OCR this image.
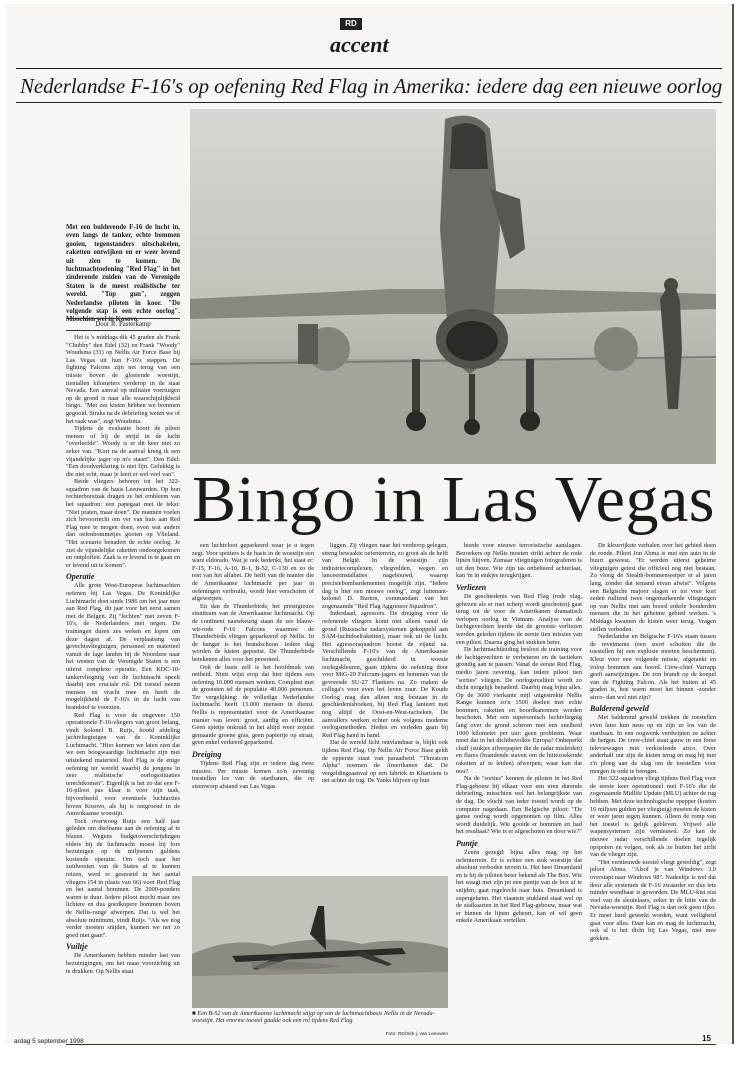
RD
accent
Nederlandse F-16's op oefening Red Flag in Amerika: iedere dag een nieuwe oorlog
Bingo in Las Vegas
Met een bulderende F-16 de lucht in, even langs de tanker, echte bommen gooien, tegenstanders uitschakelen, raketten ontwijken en er weer levend uit zien te komen. De luchtmachtoefening "Red Flag" in het zinderende zuiden van de Verenigde Staten is de meest realistische ter wereld. "Top gun", zeggen Nederlandse piloten in koor. "De volgende stap is een echte oorlog". Misschien wel in Kosovo.
Door R. Pasterkamp

Het is 's middags dik 45 graden als Frank "Chubby" den Edel (32) en Frank "Woody" Woudsma (31) op Nellis Air Force Base bij Las Vegas uit hun F-16's stappen. De fighting Falcons zijn net terug van een missie boven de gloeiende woestijn, tientallen kilometers verderop in de staat Nevada. Een aanval op militaire voertuigen op de grond is naar alle waarschijnlijkheid bingo. "Met zes kisten hebben we bommen gegooid. Straks na de debriefing weten we of het raak was", zegt Woudsma.

Tijdens de evaluatie hoort de piloot meteen of hij de strijd in de lucht "overleefde". Woody is er dit keer niet zo zeker van. "Kort na de aanval kreeg ik een vijandelijke jager op m's staart". Den Edel: "Een doodverklaring is niet fijn. Gelukkig is die niet echt, maar je leert er wel veel van".

Beide vliegers behoren tot het 322-squadron van de basis Leeuwarden. Op hun rechterborstzak dragen ze het embleem van het squadron: een papegaai met de tekst: "Niet praten, maar doen". De mannen voelen zich bevoorrecht om ver van huis aan Red Flag mee te mogen doen, even wat anders dan oefenbommetjes gooien op Vlieland. "Het scenario benadert de echte oorlog. Je ziet de vijandelijke raketten ondoorgekomen en ontploffen. Zaak is er levend in te gaan en er levend uit te komen".

Operatie

Alle grote West-Europese luchtmachten oefenen bij Las Vegas. De Koninklijke Luchtmacht doet sinds 1986 om het jaar mee aan Red Flag, dit jaar voor het eerst samen met de Belgen. Zij "lechten" met zeven F-16's, de Nederlanders met negen. De trainingen duren zes weken en lopen om deze dagen af. De verplaatsing van gevechtsvliegtuigen, personeel en materieel vanuit de lage landen bij de Noordzee naar het westen van de Verenigde Staten is een uiterst complexe operatie. Een KDC-10-tankervliegtuig van de luchtmacht speelt daarbij een cruciale rol. Dit toestel neemt mensen en vracht mee en heeft de mogelijkheid de F-16's in de lucht van brandstof te voorzien.

Red Flag is voor de ongeveer 150 operationele F-16-vliegers van groot belang, vindt kolonel B. Ruijs, hoofd afdeling jachtvliegtuigen van de Koninklijke Luchtmacht. "Hier kunnen we laten zien dat we een hoogwaardige luchtmacht zijn met uitstekend materieel. Red Flag is de enige oefening ter wereld waarbij de jongens in zeer realistische oorlogssituaties terechtkomen". Eigenlijk is het zo dat een F-16-piloot pas klaar is voor zijn taak, bijvoorbeeld voor eventuele luchtacties boven Kosovo, als hij is ontgroend in de Amerikaanse woestijn.

Toch overwoog Ruijs een half jaar geleden om deelname aan de oefening af te blazen. Wegens budgetoverschrijdingen elders bij de luchtmacht moest hij fors bezuinigen op de miljoenen guldens kostende operatie. Om toch naar het zuidwesten van de States af te kunnen reizen, werd er gesnoeid in het aantal vliegers (54 in plaats van 66) voor Red Flag en het aantal bommen. De 2000-ponders waren te duur. Iedere piloot mocht maar zes lichtere en dus goedkopere bommen boven de Nellis-range afwerpen. Dat is wel het absolute minimum, vindt Ruijs. "Als we nog verder moeten snijden, kunnen we net zo goed niet gaan".

Vuiltje

De Amerikanen hebben minder last van bezuinigingen, om het maar voorzichtig uit te drukken. Op Nellis staat

een luchtvloot geparkeerd waar je u tegen zegt. Voor spotters is de basis in de woestijn een ware eldorado. Wat je ook bedenkt, het staat er: F-15, F-16, A-10, B-1, B-52, C-130 en zo de rest van het alfabet. De helft van de manier die de Amerikaanse luchtmacht per jaar in oefeningen verbruikt, wordt hier verschoten of afgewerpen.

En dan de Thunderbirds, het prestigieuze stuntteam van de Amerikaanse luchtmacht. Op de continent nauwkeurig staan de zes blauw-wit-rode F-16 Falcons waarmee de Thunderbirds vliegen geparkeerd op Nellis. In de hangar is het brandschoon. Iedere dag worden de kisten gepoetst. De Thunderbirds betekenen alles voor het personeel.

Ook de basis zelf is het hoofdmuk van netheid. Niets wijst erop dat hier tijdens een oefening 10.000 mensen werken. Compleet met de grootsten tel de populatie 40.000 personen. Ter vergelijking: de volledige Nederlandse luchtmacht heeft 13.000 mensen in dienst. Nellis is representatief voor de Amerikaanse manier van leven: groot, aardig en efficiënt. Geen spietje onkruid in het altijd weer zojuist gemaaide groene gras, geen papiertje op straat, geen enkel verkeerd geparkeerd.

Dreiging

Tijdens Red Flag zijn er iedere dag twee missies. Per missie komen zo'n zeventig toestellen los van de startbanen, die op steenworp afstand van Las Vegas

liggen. Zij vliegen naar het verderop gelegen, streng bewaakte oefenterrein, zo groot als de helft van België. In de woestijn zijn industriecomplexen, vliegvelden, wegen en lanceerinstallaties nagebouwd, waarop precisiebombardementen mogelijk zijn. "Iedere dag is hier een nieuwe oorlog", zegt luitenant-kolonel D. Burton, commandant van het zogenaamde "Red Flag Aggressor Squadron".

Inderdaad, agressors. De dreiging voor de oefenende vliegers komt niet alleen vanaf de grond (Russische radarsystemen gekoppeld aan SAM-luchtdoelraketten), maar ook uit de lucht. Het agressorsquadron bootst de vijand na. Verschillende F-16's van de Amerikaanse luchtmacht, geschilderd in woeste oorlogskleuren, gaan tijdens de oefening door voor MiG-29 Fulcrum-jagers en bommen van de gevreesde SU-27 Flankers na. Zo maken de collega's voor even het leven zuur. De Koude Oorlog mag dan alleen nog bestaan in de geschiedenisboeken, bij Red Flag lanteert met nog altijd de Oost-en-West-tactieken. De aanvallers werken echter ook volgens moderne oorlogsmethoden. Heden en verleden gaan bij Red Flag hand in hand.

Dat de wereld licht ontvlambaar is, blijkt ook tijdens Red Flag. Op Nellis Air Force Base geldt de opperste staat van paraatheid. "Threatcon Alpha" noemen de Amerikanen dat. De vergeldingsaanval op een fabriek in Khartoem is net achter de rug. De Yanks blijven op hun

hoede voor nieuwe terroristische aanslagen. Bezoekers op Nellis moeten strikt achter de rode lijnen blijven. Zomaar vliegtuigen fotograferen is uit den boze. Wie zijn tas onbeheerd achterlaat, kan 'm in stukjes terugkrijgen.

Verliezen

De geschiedenis van Red Flag (rode vlag, gebezen als er met scherp wordt geschoten) gaat terug tot de voor de Amerikanen dramatisch verlopen oorlog in Vietnam. Analyse van de luchtgevechten leerde dat de grootste verliezen werden geleden tijdens de eerste tien missies van een piloot. Daarna ging het stukken beter.

De luchtmachtleiding besloot de training voor de luchtgevechten te verbeteren en de tactieken grondig aan te passen. Vanaf de eerste Red Flag, medio jaren zeventig, kan iedere piloot tien "sorties" vliegen. De oorlogsrealiteit wordt zo dicht mogelijk benaderd. Daarbij mag bijna alles. Op de 3600 vierkante mijl uitgestrekte Nellis Range kunnen zo'n 1500 doelen met echte bommen, raketten en boordkanonnen worden beschoten. Met een supersonisch luchtvliegnig lang over de grond scheren met een snelheid 1000 kilometer per uur: geen probleem. Waar moet dat in het dichtbevolkte Europa? Onbeperkt chaff (stukjes zilverpapier die de radar misleiden) en flares (brandende staven om de hittezoekende raketten af te leiden) afwerpen; waar kan dat nou?

Na de "sorties" kennen de piloten in het Red Flag-gebouw bij elkaar voor een uren durende debriefing, misschien wel het belangrijkste van de dag. De vlucht van ieder toestel wordt op de computer nagedaan. Een Belgische piloot: "De ganse oorlog wordt opgenomen op film. Alles wordt duidelijk. Wie gooide er bommen en had het resultaat? Wie is er afgeschoten en door wie?"

Puntje

Zeeën gezegd: bijna alles mag op het oefenterrein. Er is echter een stuk woestijn dat absoluut verboden terrein is. Het heet Dreamland en is bij de piloten beter bekend als The Box. Wie het waagt met zijn jet een puntje van de box af te snijden, gaat regelrecht naar huis. Dreamland is supergeheim. Het viaanste stukland staat wel op de stafkaarten in het Red Flag-gebouw, maar wat er binnen de lijnen gebeurt, kan of wil geen enkele Amerikaan vertellen.

De kleurrijkste verhalen over het gebied doen de ronde. Piloot Jon Abma is met een auto in de buurt geweest. "Er werden uiterst geheime vliegtuigen getest die officieel nog niet bestaan. Zo vloog de Stealth-bommenwerper er al jaren lang, zonder dat iemand ervan afwist". Volgens een Belgische majoor slagen er tot voor kort zeden ruiltend twee ongemarkeerde vliegtuigen op van Nellis met aan boord enkele honderden mensen die in het geheime gebied werken. 's Middags kwamen de kisten weer terug. Vragen stellen verboden.

Nederlandse en Belgische F-16's staan tussen de revetments (een soort schotten die de toestellen bij een explosie moeten beschermen). Kleur voor een volgende missie, afgetankt en volop bommen aan boord. Crew-chief Varrapp geeft aanwijzingen. De zon brandt op de koepel van de Fighting Falcon. Als het buiten al 45 graden is, hoe warm moet het binnen -zonder airco- dan wel niet zijn?

Balderend geweld

Met balderend geweld trekken de toestellen even later hun neus op en zijn ze los van de startbaan. In een oogwenk verdwijnen ze achter de bergen. De crew-chief staat gauw in een forse televiewagen met verkoelende airco. Over anderhalf uur zijn de kisten terug en mag hij met z'n ploeg aan de slag om de toestellen voor morgen in orde te brengen.

Het 322-squadron vliegt tijdens Red Flag voor de eerste keer operationeel met F-16's die de zogenaamde Midlife Update (MLU) achter de rug hebben. Met deze technologische opepper (kosten 16 miljoen gulden per vliegtuig) moeten de kisten er weer jaren tegen kunnen. Alleen de romp van het toestel is gelijk gebleven. Vrijwel alle wapensystemen zijn vernieuwd. Zo kan de nieuwe radar verschillende doelen tegelijk opsporen en volgen, ook als ze buiten het zicht van de vlieger zijn.

"Het vernieuwde toestel vliegt geweldig", zegt piloot Abma. "Alsof je van Windows 3.0 overstapt naar Windows 98". Nadeeltje is wel dat door alle systemen de F-16 zwaarder en dus iets minder wendbaar is geworden. De MLU-kist eist veel van de sleutelaars, zeker in de hitte van de Nevada-woestijn. Red Flag is dan ook geen tijko. Er moet hard gewerkt worden, want veiligheid gaat voor alles. Daar kan en mag de luchtmacht, ook al is het dicht bij Las Vegas, niet mee gokken.

■ Een B-52 van de Amerikaanse luchtmacht stijgt op van de luchtmachtbasis Nellis in de Nevada-woestijn. Het enorme toestel gaalde ook een rol tijdens Red Flag.
Foto: RD/Sirk j. van Leeuwen
ardag 5 september 1998	15
